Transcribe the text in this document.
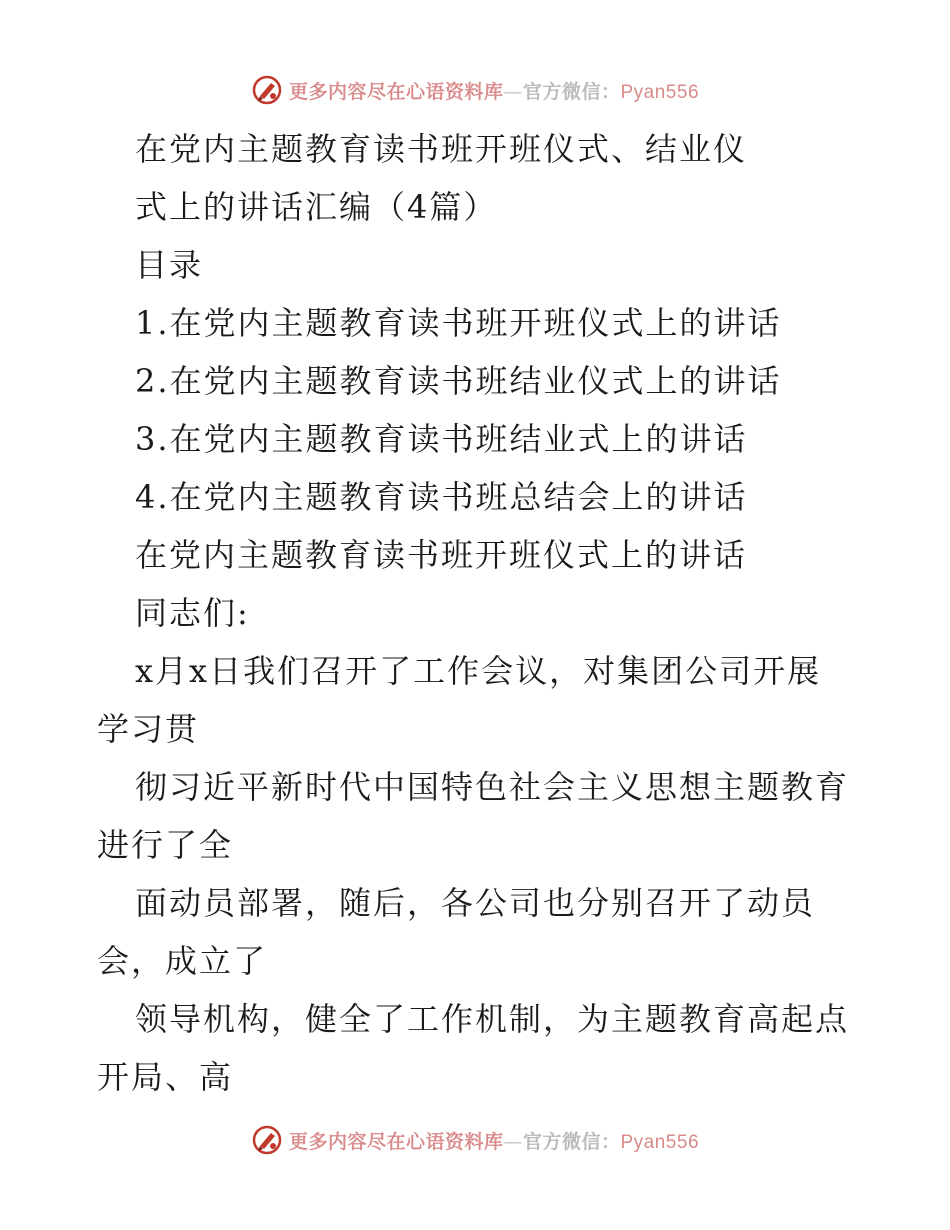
更多内容尽在心语资料库—官方微信：Pyan556
在党内主题教育读书班开班仪式、结业仪
式上的讲话汇编（4篇）
目录
1.在党内主题教育读书班开班仪式上的讲话
2.在党内主题教育读书班结业仪式上的讲话
3.在党内主题教育读书班结业式上的讲话
4.在党内主题教育读书班总结会上的讲话
在党内主题教育读书班开班仪式上的讲话
同志们:
x月x日我们召开了工作会议，对集团公司开展
学习贯
彻习近平新时代中国特色社会主义思想主题教育
进行了全
面动员部署，随后，各公司也分别召开了动员
会，成立了
领导机构，健全了工作机制，为主题教育高起点
开局、高
更多内容尽在心语资料库—官方微信：Pyan556
